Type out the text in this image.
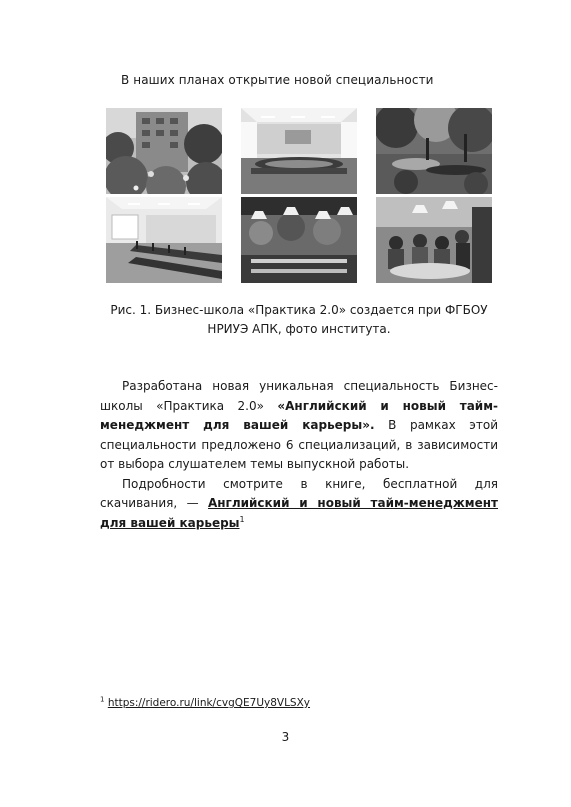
В наших планах открытие новой специальности
Рис. 1. Бизнес-школа «Практика 2.0» создается при ФГБОУ
НРИУЭ АПК, фото института.

Разработана новая уникальная специальность Бизнес-школы «Практика 2.0» «Английский и новый тайм-менеджмент для вашей карьеры». В рамках этой специальности предложено 6 специализаций, в зависимости от выбора слушателем темы выпускной работы.

Подробности смотрите в книге, бесплатной для скачивания, — Английский и новый тайм-менеджмент для вашей карьеры$^1$

$^1$ https://ridero.ru/link/cvgQE7Uy8VLSXy
3
